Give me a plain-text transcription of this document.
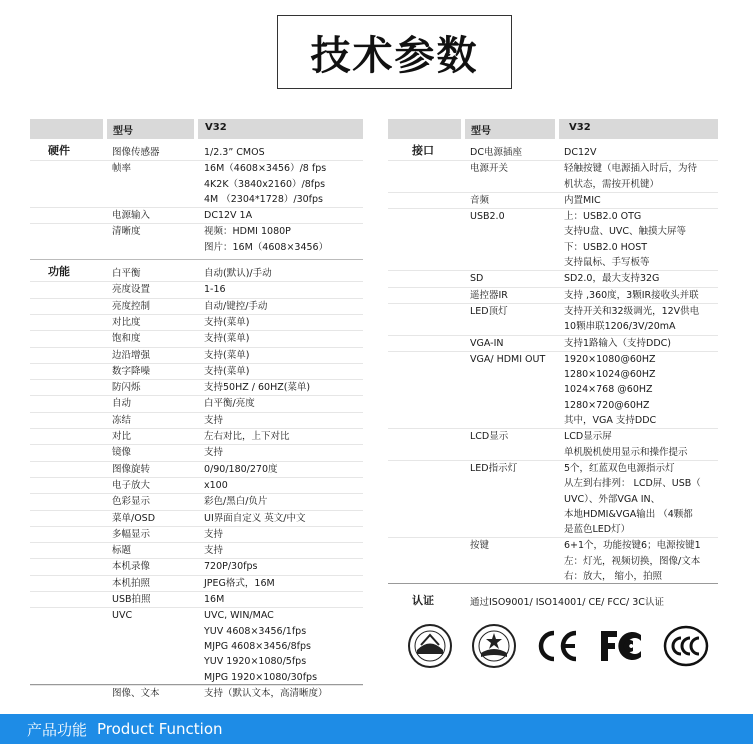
技术参数
型号	V32
硬件	图像传感器	1/2.3” CMOS
帧率	16M（4608×3456）/8 fps
4K2K（3840x2160）/8fps
4M （2304*1728）/30fps
电源输入	DC12V 1A
清晰度	视频：HDMI 1080P
图片：16M（4608×3456）
功能	白平衡	自动(默认)/手动
亮度设置	1-16
亮度控制	自动/键控/手动
对比度	支持(菜单)
饱和度	支持(菜单)
边沿增强	支持(菜单)
数字降噪	支持(菜单)
防闪烁	支持50HZ / 60HZ(菜单)
自动	白平衡/亮度
冻结	支持
对比	左右对比，上下对比
镜像	支持
图像旋转	0/90/180/270度
电子放大	x100
色彩显示	彩色/黑白/负片
菜单/OSD	UI界面自定义 英文/中文
多幅显示	支持
标题	支持
本机录像	720P/30fps
本机拍照	JPEG格式，16M
USB拍照	16M
UVC	UVC, WIN/MAC
YUV 4608×3456/1fps
MJPG 4608×3456/8fps
YUV 1920×1080/5fps
MJPG 1920×1080/30fps
图像、文本	支持（默认文本，高清晰度）
型号	V32
接口	DC电源插座	DC12V
电源开关	轻触按键（电源插入时后，为待
机状态，需按开机键）
音频	内置MIC
USB2.0	上：USB2.0 OTG
支持U盘、UVC、触摸大屏等
下：USB2.0 HOST
支持鼠标、手写板等
SD	SD2.0，最大支持32G
遥控器IR	支持 ,360度，3颗IR接收头并联
LED顶灯	支持开关和32级调光，12V供电
10颗串联1206/3V/20mA
VGA-IN	支持1路输入（支持DDC)
VGA/ HDMI OUT 1920×1080@60HZ
1280×1024@60HZ
1024×768 @60HZ
1280×720@60HZ
其中，VGA 支持DDC
LCD显示	LCD显示屏
单机脱机使用显示和操作提示
LED指示灯	5个，红蓝双色电源指示灯
从左到右排列： LCD屏、USB（
UVC）、外部VGA IN、
本地HDMI&VGA输出 （4颗都
是蓝色LED灯）
按键	6+1个，功能按键6；电源按键1
左：灯光，视频切换，图像/文本
右：放大， 缩小，拍照
认证	通过ISO9001/ ISO14001/ CE/ FCC/ 3C认证
产品功能 Product Function
